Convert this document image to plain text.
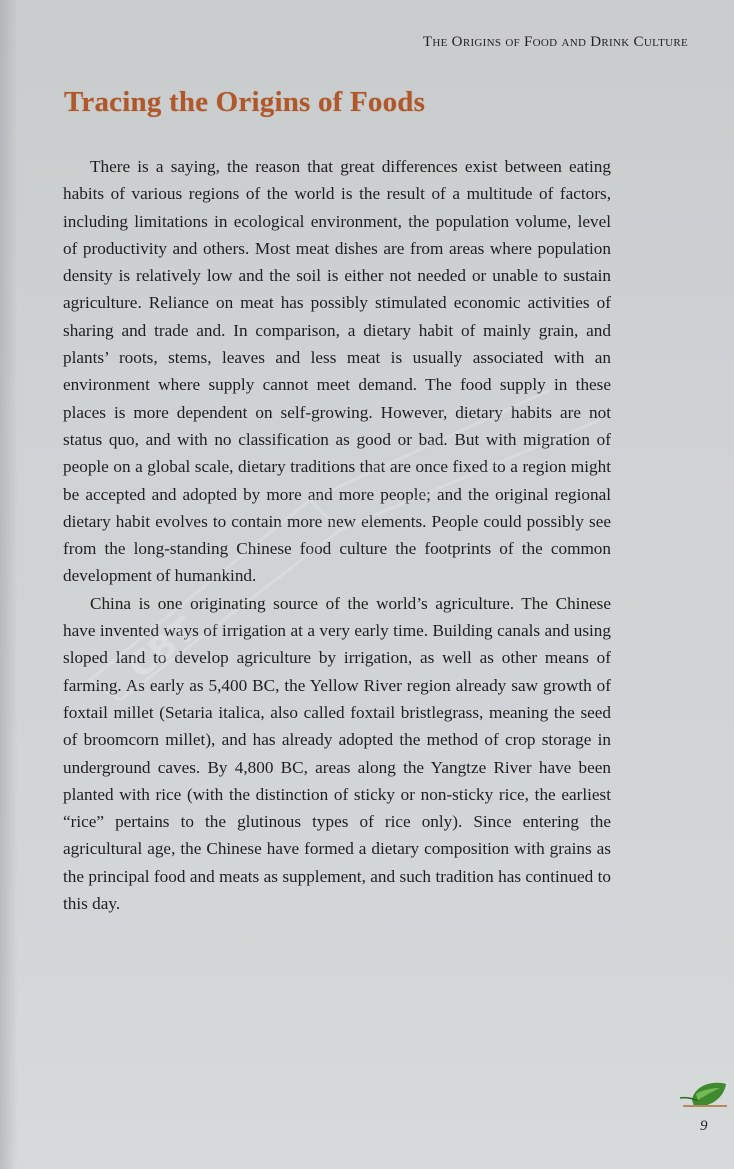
The Origins of Food and Drink Culture
Tracing the Origins of Foods

There is a saying, the reason that great differences exist between eating habits of various regions of the world is the result of a multitude of factors, including limitations in ecological environment, the population volume, level of productivity and others. Most meat dishes are from areas where population density is relatively low and the soil is either not needed or unable to sustain agriculture. Reliance on meat has possibly stimulated economic activities of sharing and trade and. In comparison, a dietary habit of mainly grain, and plants’ roots, stems, leaves and less meat is usually associated with an environment where supply cannot meet demand. The food supply in these places is more dependent on self-growing. However, dietary habits are not status quo, and with no classification as good or bad. But with migration of people on a global scale, dietary traditions that are once fixed to a region might be accepted and adopted by more and more people; and the original regional dietary habit evolves to contain more new elements. People could possibly see from the long-standing Chinese food culture the footprints of the common development of humankind.

China is one originating source of the world’s agriculture. The Chinese have invented ways of irrigation at a very early time. Building canals and using sloped land to develop agriculture by irrigation, as well as other means of farming. As early as 5,400 BC, the Yellow River region already saw growth of foxtail millet (Setaria italica, also called foxtail bristlegrass, meaning the seed of broomcorn millet), and has already adopted the method of crop storage in underground caves. By 4,800 BC, areas along the Yangtze River have been planted with rice (with the distinction of sticky or non-sticky rice, the earliest “rice” pertains to the glutinous types of rice only). Since entering the agricultural age, the Chinese have formed a dietary composition with grains as the principal food and meats as supplement, and such tradition has continued to this day.

CBT
9
